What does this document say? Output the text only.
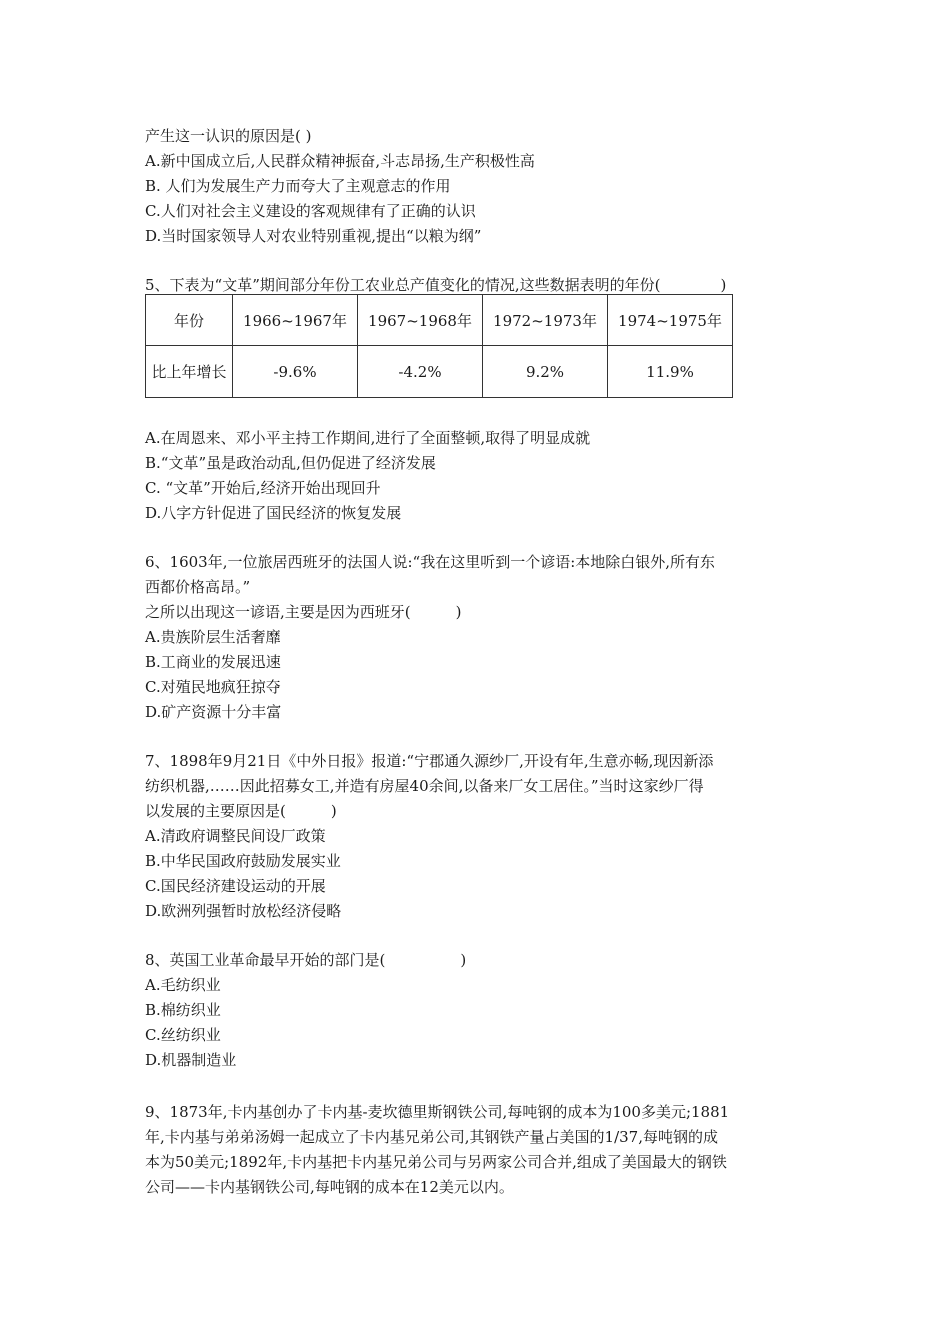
产生这一认识的原因是( )
A.新中国成立后,人民群众精神振奋,斗志昂扬,生产积极性高
B. 人们为发展生产力而夸大了主观意志的作用
C.人们对社会主义建设的客观规律有了正确的认识
D.当时国家领导人对农业特别重视,提出“以粮为纲”
5、下表为“文革”期间部分年份工农业总产值变化的情况,这些数据表明的年份(　　　　)
年份	1966~1967年	1967~1968年	1972~1973年	1974~1975年
比上年增长	-9.6%	-4.2%	9.2%	11.9%
A.在周恩来、邓小平主持工作期间,进行了全面整顿,取得了明显成就
B.“文革”虽是政治动乱,但仍促进了经济发展
C. “文革”开始后,经济开始出现回升
D.八字方针促进了国民经济的恢复发展
6、1603年,一位旅居西班牙的法国人说:“我在这里听到一个谚语:本地除白银外,所有东
西都价格高昂。”
之所以出现这一谚语,主要是因为西班牙(　　　)
A.贵族阶层生活奢靡
B.工商业的发展迅速
C.对殖民地疯狂掠夺
D.矿产资源十分丰富
7、1898年9月21日《中外日报》报道:“宁郡通久源纱厂,开设有年,生意亦畅,现因新添
纺织机器,……因此招募女工,并造有房屋40余间,以备来厂女工居住。”当时这家纱厂得
以发展的主要原因是(　　　)
A.清政府调整民间设厂政策
B.中华民国政府鼓励发展实业
C.国民经济建设运动的开展
D.欧洲列强暂时放松经济侵略
8、英国工业革命最早开始的部门是(　　　　　)
A.毛纺织业
B.棉纺织业
C.丝纺织业
D.机器制造业
9、1873年,卡内基创办了卡内基-麦坎德里斯钢铁公司,每吨钢的成本为100多美元;1881
年,卡内基与弟弟汤姆一起成立了卡内基兄弟公司,其钢铁产量占美国的1/37,每吨钢的成
本为50美元;1892年,卡内基把卡内基兄弟公司与另两家公司合并,组成了美国最大的钢铁
公司——卡内基钢铁公司,每吨钢的成本在12美元以内。
